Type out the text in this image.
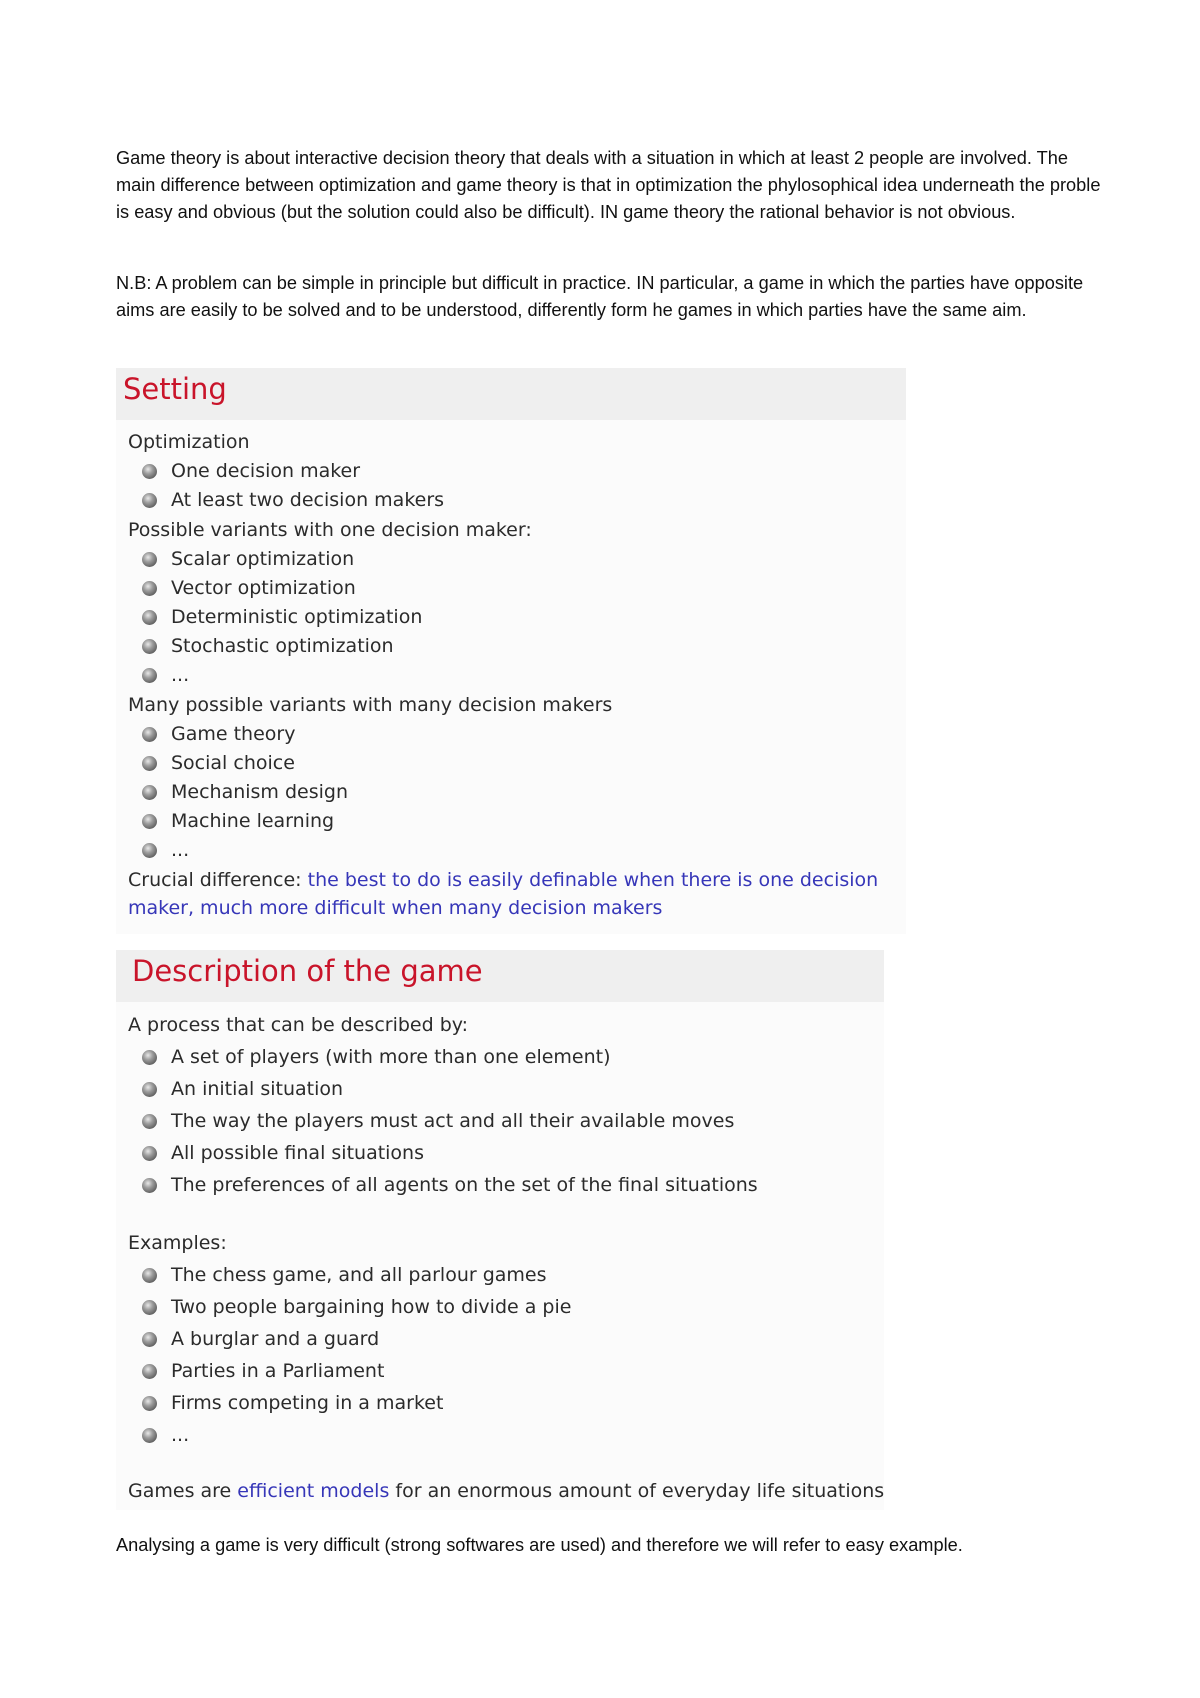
Game theory is about interactive decision theory that deals with a situation in which at least 2 people are involved. The main difference between optimization and game theory is that in optimization the phylosophical idea underneath the proble is easy and obvious (but the solution could also be difficult). IN game theory the rational behavior is not obvious.

N.B: A problem can be simple in principle but difficult in practice. IN particular, a game in which the parties have opposite aims are easily to be solved and to be understood, differently form he games in which parties have the same aim.

Setting
Optimization
One decision maker
At least two decision makers
Possible variants with one decision maker:
Scalar optimization
Vector optimization
Deterministic optimization
Stochastic optimization
...
Many possible variants with many decision makers
Game theory
Social choice
Mechanism design
Machine learning
...
Crucial difference: the best to do is easily definable when there is one decision
maker, much more difficult when many decision makers
Description of the game
A process that can be described by:
A set of players (with more than one element)
An initial situation
The way the players must act and all their available moves
All possible final situations
The preferences of all agents on the set of the final situations
Examples:
The chess game, and all parlour games
Two people bargaining how to divide a pie
A burglar and a guard
Parties in a Parliament
Firms competing in a market
...
Games are efficient models for an enormous amount of everyday life situations

Analysing a game is very difficult (strong softwares are used) and therefore we will refer to easy example.
